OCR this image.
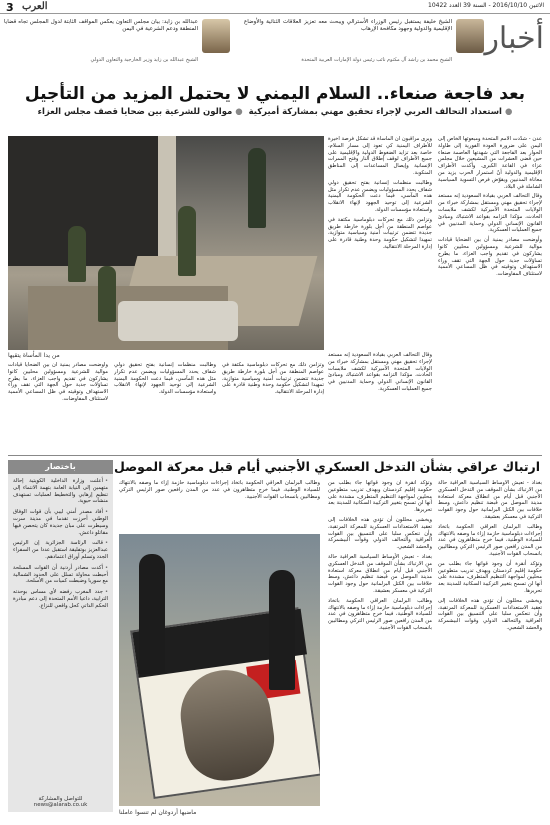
3 العرب	الاثنين 2016/10/10 - السنة 39 العدد 10422
أخبار
الشيخ خليفة يستقبل رئيس الوزراء الأسترالي ويبحث معه تعزيز العلاقات الثنائية والأوضاع الإقليمية والدولية وجهود مكافحة الإرهاب
الشيخ محمد بن راشد آل مكتوم نائب رئيس دولة الإمارات العربية المتحدة
عبدالله بن زايد: بيان مجلس التعاون يعكس المواقف الثابتة لدول المجلس تجاه قضايا المنطقة ودعم الشرعية في اليمن
الشيخ عبدالله بن زايد وزير الخارجية والتعاون الدولي
بعد فاجعة صنعاء.. السلام اليمني لا يحتمل المزيد من التأجيل
● استعداد التحالف العربي لإجراء تحقيق مهني بمشاركة أميركية  ● موالون للشرعية بين ضحايا قصف مجلس العزاء
من يدا المأساة يتقيها

عدن - شدّدت الأمم المتحدة ومبعوثها الخاص إلى اليمن على ضرورة العودة الفورية إلى طاولة الحوار بعد الفاجعة التي شهدتها العاصمة صنعاء حين قضى العشرات من المشيعين خلال مجلس عزاء في القاعة الكبرى. وأكدت الأطراف الإقليمية والدولية أنّ استمرار الحرب يزيد من معاناة المدنيين ويقوّض فرص التسوية السياسية الشاملة في البلاد.

وقال التحالف العربي بقيادة السعودية إنه مستعد لإجراء تحقيق مهني ومستقل بمشاركة خبراء من الولايات المتحدة الأميركية لكشف ملابسات الحادث، مؤكدا التزامه بقواعد الاشتباك ومبادئ القانون الإنساني الدولي وحماية المدنيين في جميع العمليات العسكرية.

وأوضحت مصادر يمنية أن بين الضحايا قيادات موالية للشرعية ومسؤولين محليين كانوا يشاركون في تقديم واجب العزاء، ما يطرح تساؤلات جدية حول الجهة التي تقف وراء الاستهداف وتوقيته في ظل المساعي الأممية لاستئناف المفاوضات.

ويرى مراقبون أن المأساة قد تشكّل فرصة أخيرة للأطراف اليمنية كي تعود إلى مسار السلام، خاصة بعد تزايد الضغوط الدولية والإقليمية على جميع الأطراف لوقف إطلاق النار وفتح الممرات الإنسانية وإيصال المساعدات إلى المناطق المنكوبة.

وطالبت منظمات إنسانية بفتح تحقيق دولي شفاف يحدد المسؤوليات ويضمن عدم تكرار مثل هذه المآسي، فيما دعت الحكومة اليمنية الشرعية إلى توحيد الجهود لإنهاء الانقلاب واستعادة مؤسسات الدولة.

وتزامن ذلك مع تحركات دبلوماسية مكثفة في عواصم المنطقة من أجل بلورة خارطة طريق جديدة تتضمن ترتيبات أمنية وسياسية متوازية، تمهيدا لتشكيل حكومة وحدة وطنية قادرة على إدارة المرحلة الانتقالية.

وأوضحت مصادر يمنية أن بين الضحايا قيادات موالية للشرعية ومسؤولين محليين كانوا يشاركون في تقديم واجب العزاء، ما يطرح تساؤلات جدية حول الجهة التي تقف وراء الاستهداف وتوقيته في ظل المساعي الأممية لاستئناف المفاوضات.

وطالبت منظمات إنسانية بفتح تحقيق دولي شفاف يحدد المسؤوليات ويضمن عدم تكرار مثل هذه المآسي، فيما دعت الحكومة اليمنية الشرعية إلى توحيد الجهود لإنهاء الانقلاب واستعادة مؤسسات الدولة.

وتزامن ذلك مع تحركات دبلوماسية مكثفة في عواصم المنطقة من أجل بلورة خارطة طريق جديدة تتضمن ترتيبات أمنية وسياسية متوازية، تمهيدا لتشكيل حكومة وحدة وطنية قادرة على إدارة المرحلة الانتقالية.

وقال التحالف العربي بقيادة السعودية إنه مستعد لإجراء تحقيق مهني ومستقل بمشاركة خبراء من الولايات المتحدة الأميركية لكشف ملابسات الحادث، مؤكدا التزامه بقواعد الاشتباك ومبادئ القانون الإنساني الدولي وحماية المدنيين في جميع العمليات العسكرية.

ارتباك عراقي بشأن التدخل العسكري الأجنبي أيام قبل معركة الموصل

بغداد - تعيش الأوساط السياسية العراقية حالة من الارتباك بشأن الموقف من التدخل العسكري الأجنبي قبل أيام من انطلاق معركة استعادة مدينة الموصل من قبضة تنظيم داعش، وسط خلافات بين الكتل البرلمانية حول وجود القوات التركية في معسكر بعشيقة.

وطالب البرلمان العراقي الحكومة باتخاذ إجراءات دبلوماسية حازمة إزاء ما وصفه بالانتهاك للسيادة الوطنية، فيما خرج متظاهرون في عدد من المدن رافعين صور الرئيس التركي ومطالبين بانسحاب القوات الأجنبية.

وتؤكد أنقرة أن وجود قواتها جاء بطلب من حكومة إقليم كردستان وبهدف تدريب متطوعين محليين لمواجهة التنظيم المتطرف، مشددة على أنها لن تسمح بتغيير التركيبة السكانية للمدينة بعد تحريرها.

ويخشى محللون أن تؤدي هذه الخلافات إلى تعقيد الاستعدادات العسكرية للمعركة المرتقبة، وأن تنعكس سلبا على التنسيق بين القوات العراقية والتحالف الدولي وقوات البيشمركة والحشد الشعبي.

وتؤكد أنقرة أن وجود قواتها جاء بطلب من حكومة إقليم كردستان وبهدف تدريب متطوعين محليين لمواجهة التنظيم المتطرف، مشددة على أنها لن تسمح بتغيير التركيبة السكانية للمدينة بعد تحريرها.

ويخشى محللون أن تؤدي هذه الخلافات إلى تعقيد الاستعدادات العسكرية للمعركة المرتقبة، وأن تنعكس سلبا على التنسيق بين القوات العراقية والتحالف الدولي وقوات البيشمركة والحشد الشعبي.

بغداد - تعيش الأوساط السياسية العراقية حالة من الارتباك بشأن الموقف من التدخل العسكري الأجنبي قبل أيام من انطلاق معركة استعادة مدينة الموصل من قبضة تنظيم داعش، وسط خلافات بين الكتل البرلمانية حول وجود القوات التركية في معسكر بعشيقة.

وطالب البرلمان العراقي الحكومة باتخاذ إجراءات دبلوماسية حازمة إزاء ما وصفه بالانتهاك للسيادة الوطنية، فيما خرج متظاهرون في عدد من المدن رافعين صور الرئيس التركي ومطالبين بانسحاب القوات الأجنبية.

وطالب البرلمان العراقي الحكومة باتخاذ إجراءات دبلوماسية حازمة إزاء ما وصفه بالانتهاك للسيادة الوطنية، فيما خرج متظاهرون في عدد من المدن رافعين صور الرئيس التركي ومطالبين بانسحاب القوات الأجنبية.

ماضيها أردوغان لم تنسوا عاملنا
باختصار

• أعلنت وزارة الداخلية الكويتية إحالة متهمين إلى النيابة العامة بتهمة الانتماء إلى تنظيم إرهابي والتخطيط لعمليات تستهدف منشآت حيوية.

• أفاد مصدر أمني ليبي بأن قوات الوفاق الوطني أحرزت تقدما في مدينة سرت وسيطرت على مبان جديدة كان يتحصن فيها مقاتلو داعش.

• قالت الرئاسة الجزائرية إن الرئيس عبدالعزيز بوتفليقة استقبل عددا من السفراء الجدد وتسلم أوراق اعتمادهم.

• أكدت مصادر أردنية أن القوات المسلحة أحبطت محاولة تسلل على الحدود الشمالية مع سوريا وضبطت كميات من الأسلحة.

• جدد المغرب رفضه لأي مساس بوحدته الترابية، داعيا الأمم المتحدة إلى دعم مبادرة الحكم الذاتي كحل واقعي للنزاع.

للتواصل والمشاركة
news@alarab.co.uk
